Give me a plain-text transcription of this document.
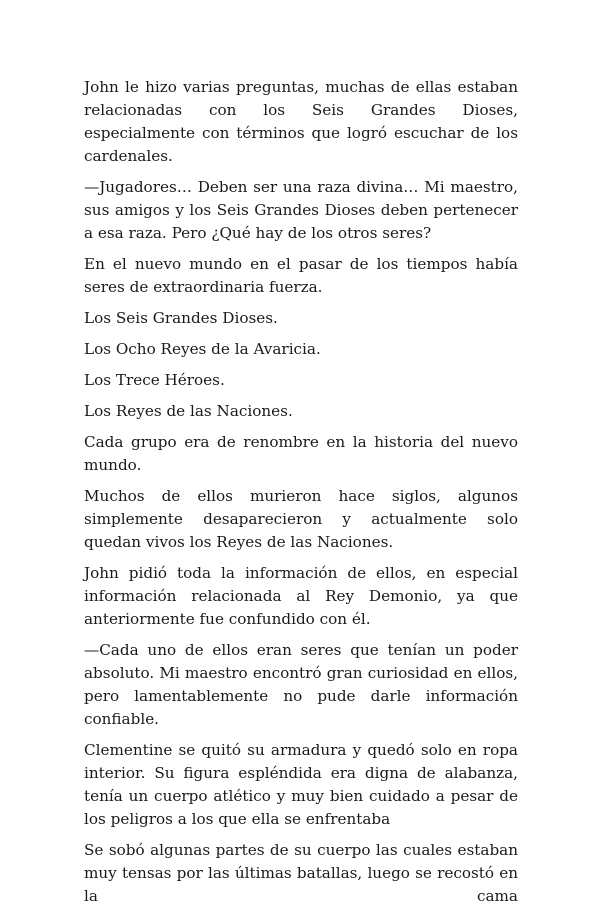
John le hizo varias preguntas, muchas de ellas estaban relacionadas con los Seis Grandes Dioses, especialmente con términos que logró escuchar de los cardenales.

—Jugadores… Deben ser una raza divina… Mi maestro, sus amigos y los Seis Grandes Dioses deben pertenecer a esa raza. Pero ¿Qué hay de los otros seres?

En el nuevo mundo en el pasar de los tiempos había seres de extraordinaria fuerza.

Los Seis Grandes Dioses.

Los Ocho Reyes de la Avaricia.

Los Trece Héroes.

Los Reyes de las Naciones.

Cada grupo era de renombre en la historia del nuevo mundo.

Muchos de ellos murieron hace siglos, algunos simplemente desaparecieron y actualmente solo quedan vivos los Reyes de las Naciones.

John pidió toda la información de ellos, en especial información relacionada al Rey Demonio, ya que anteriormente fue confundido con él.

—Cada uno de ellos eran seres que tenían un poder absoluto. Mi maestro encontró gran curiosidad en ellos, pero lamentablemente no pude darle información confiable.

Clementine se quitó su armadura y quedó solo en ropa interior. Su figura espléndida era digna de alabanza, tenía un cuerpo atlético y muy bien cuidado a pesar de los peligros a los que ella se enfrentaba

Se sobó algunas partes de su cuerpo las cuales estaban muy tensas por las últimas batallas, luego se recostó en la cama
